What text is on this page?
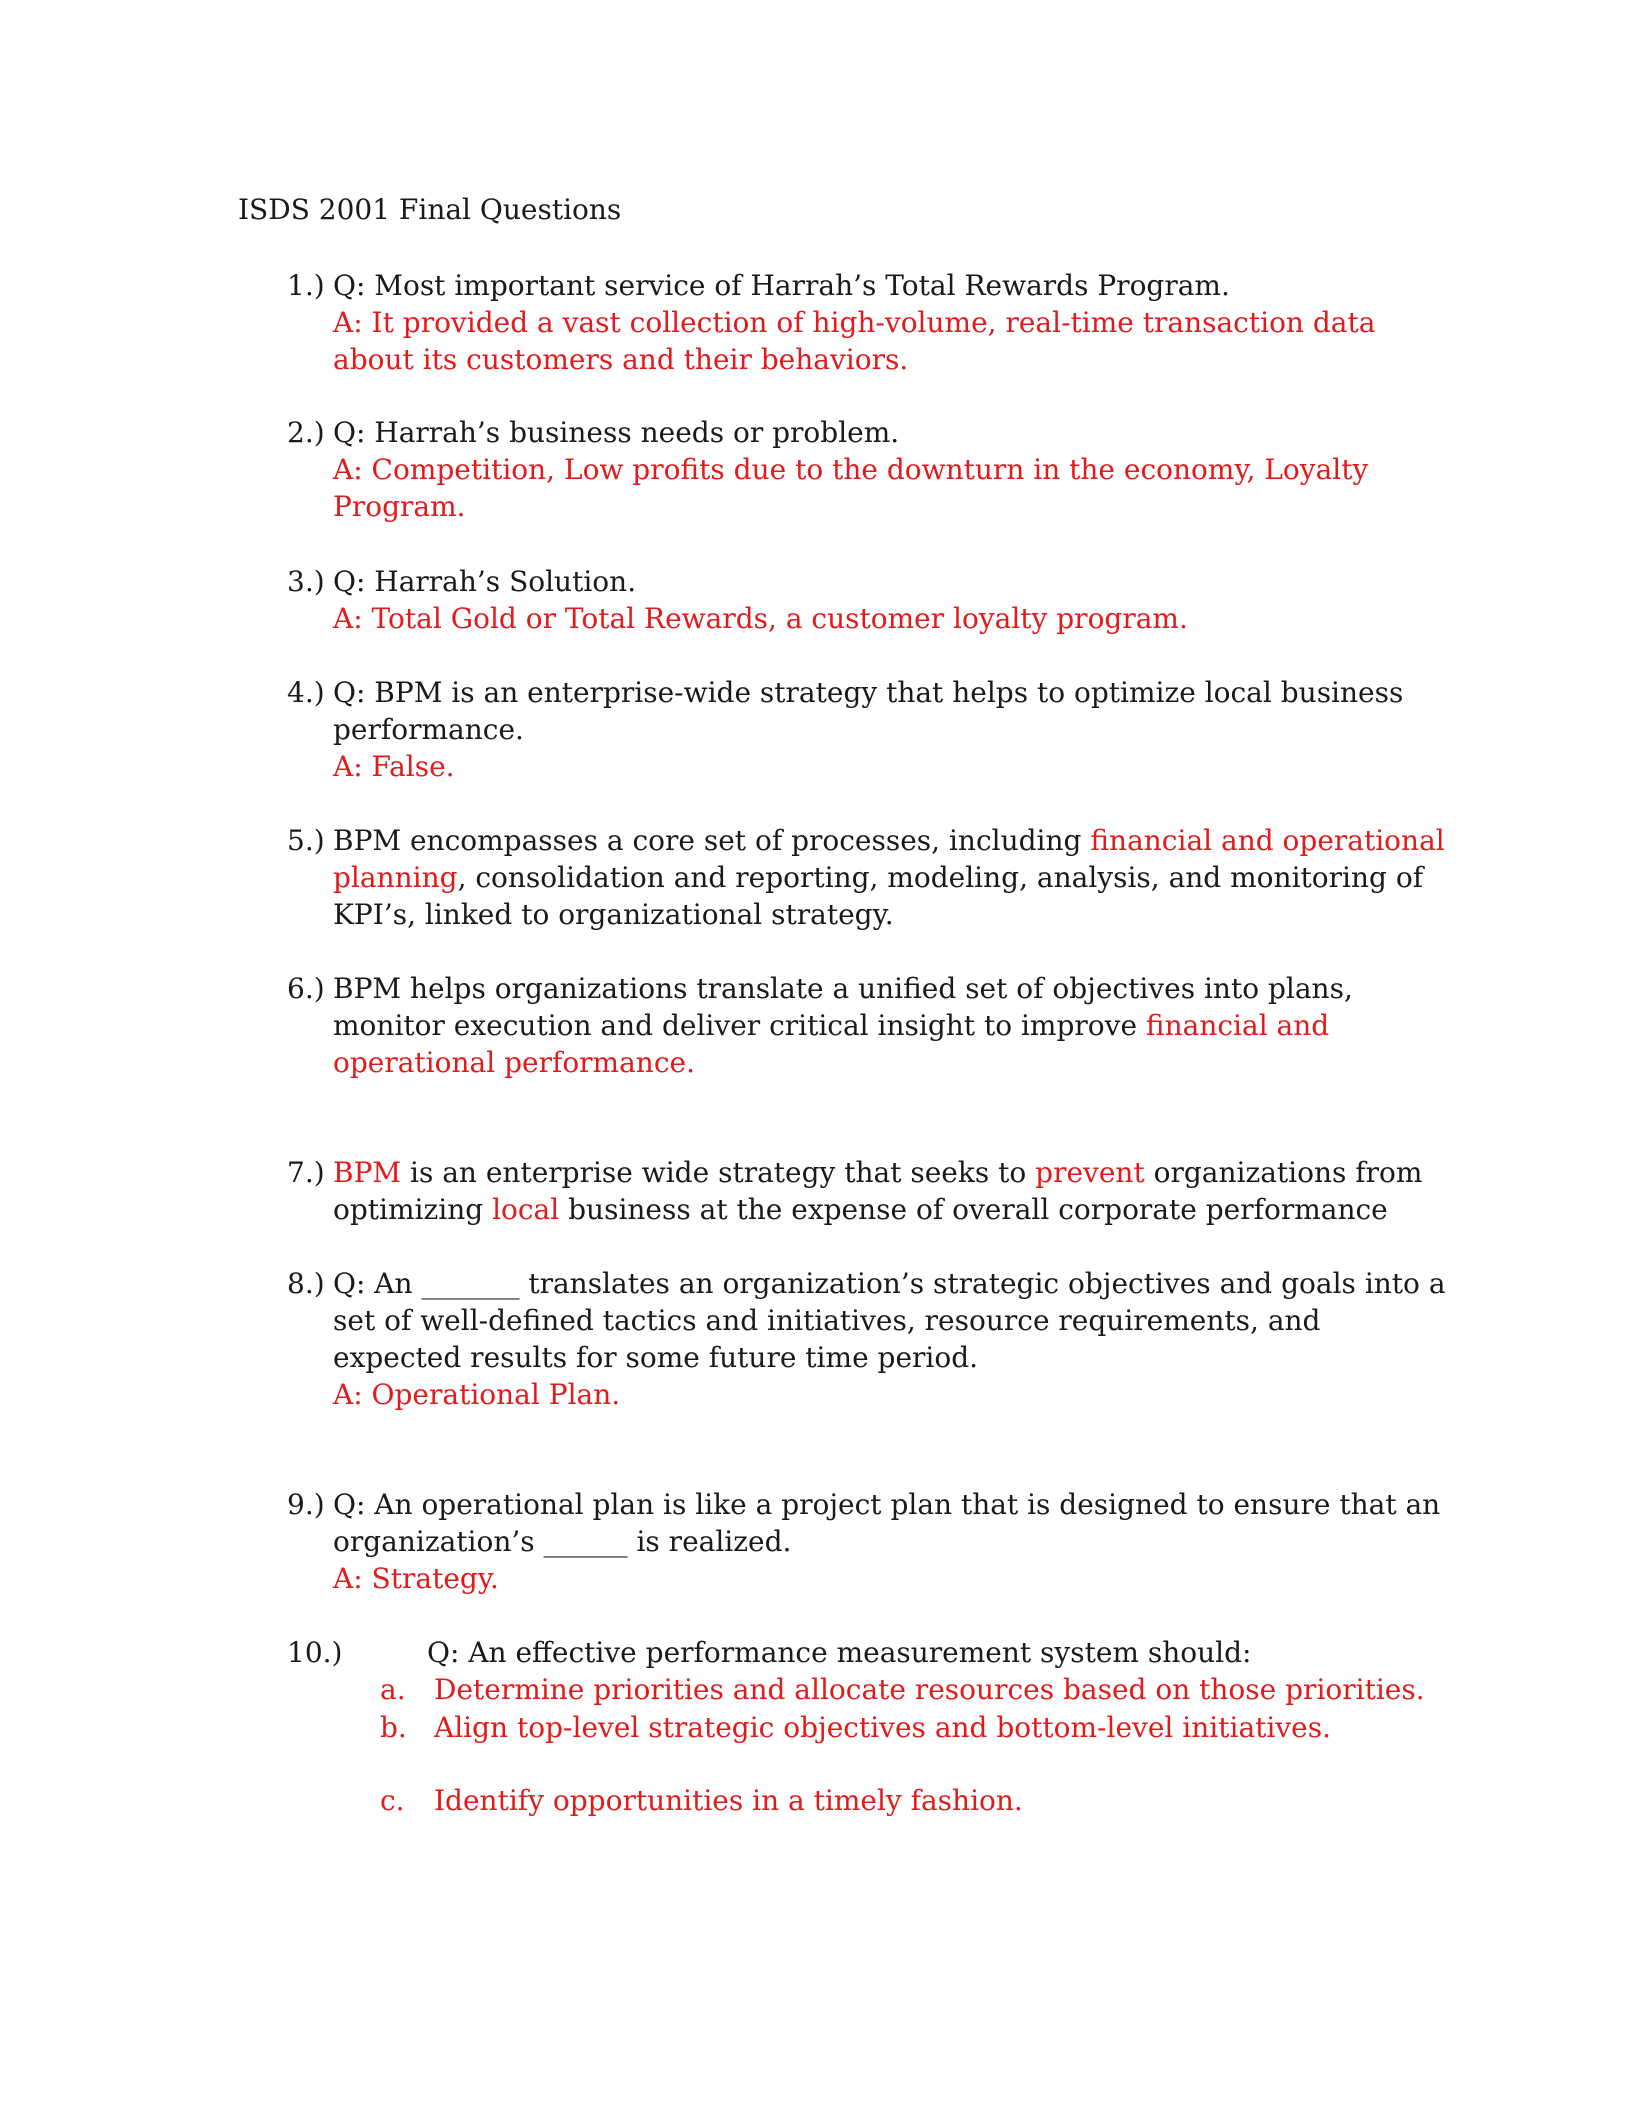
ISDS 2001 Final Questions
1.) Q: Most important service of Harrah’s Total Rewards Program.
A: It provided a vast collection of high-volume, real-time transaction data
about its customers and their behaviors.
2.) Q: Harrah’s business needs or problem.
A: Competition, Low profits due to the downturn in the economy, Loyalty
Program.
3.) Q: Harrah’s Solution.
A: Total Gold or Total Rewards, a customer loyalty program.
4.) Q: BPM is an enterprise-wide strategy that helps to optimize local business
performance.
A: False.
5.) BPM encompasses a core set of processes, including financial and operational
planning, consolidation and reporting, modeling, analysis, and monitoring of
KPI’s, linked to organizational strategy.
6.) BPM helps organizations translate a unified set of objectives into plans,
monitor execution and deliver critical insight to improve financial and
operational performance.
7.) BPM is an enterprise wide strategy that seeks to prevent organizations from
optimizing local business at the expense of overall corporate performance
8.) Q: An _______ translates an organization’s strategic objectives and goals into a
set of well-defined tactics and initiatives, resource requirements, and
expected results for some future time period.
A: Operational Plan.
9.) Q: An operational plan is like a project plan that is designed to ensure that an
organization’s ______ is realized.
A: Strategy.
10.)	Q: An effective performance measurement system should:
a. Determine priorities and allocate resources based on those priorities.
b. Align top-level strategic objectives and bottom-level initiatives.
c. Identify opportunities in a timely fashion.
